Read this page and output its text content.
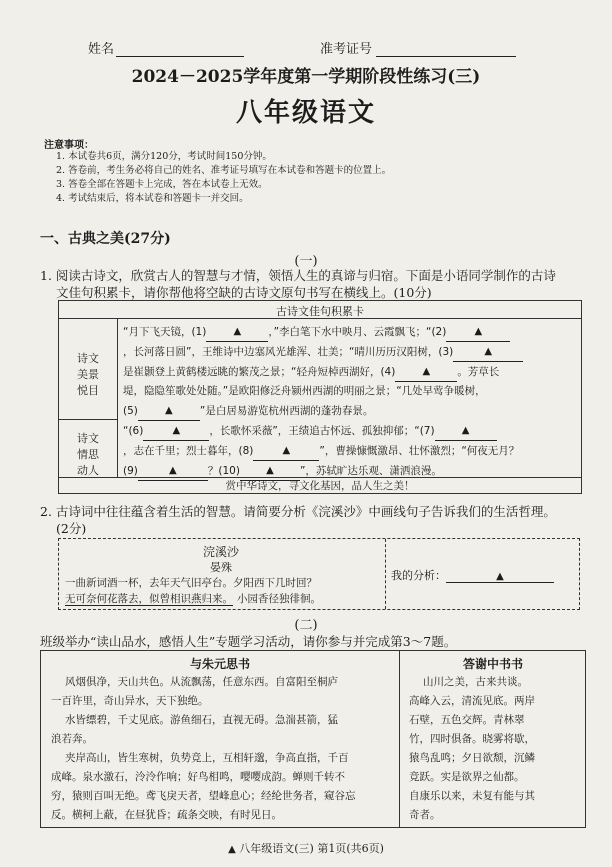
姓名	准考证号
2024－2025学年度第一学期阶段性练习(三)
八年级语文
注意事项：
1. 本试卷共6页，满分120分，考试时间150分钟。
2. 答卷前，考生务必将自己的姓名、准考证号填写在本试卷和答题卡的位置上。
3. 答卷全部在答题卡上完成，答在本试卷上无效。
4. 考试结束后，将本试卷和答题卡一并交回。
一、古典之美(27分)
(一)
1. 阅读古诗文，欣赏古人的智慧与才情，领悟人生的真谛与归宿。下面是小语同学制作的古诗
文佳句积累卡，请你帮他将空缺的古诗文原句书写在横线上。(10分)
古诗文佳句积累卡
诗文美景悦目
“月下飞天镜，(1)	▲	，”李白笔下水中映月、云霞飘飞；“(2)	▲
，长河落日圆”，王维诗中边塞风光雄浑、壮美；“晴川历历汉阳树，(3)	▲
是崔颢登上黄鹤楼远眺的繁茂之景；“轻舟短棹西湖好，(4)	▲	。芳草长
堤，隐隐笙歌处处随。”是欧阳修泛舟颍州西湖的明丽之景；“几处早莺争暖树，
(5)	▲	”是白居易游览杭州西湖的蓬勃春景。
诗文情思动人
“(6)	▲	，长歌怀采薇”，王绩追古怀远、孤独抑郁；“(7)	▲
，志在千里；烈士暮年，(8)	▲	”，曹操慷慨激昂、壮怀激烈；“何夜无月？
(9)	▲	？(10)	▲ ”，苏轼旷达乐观、潇洒浪漫。
赏中华诗文，寻文化基因，品人生之美！
2. 古诗词中往往蕴含着生活的智慧。请简要分析《浣溪沙》中画线句子告诉我们的生活哲理。
(2分)
浣溪沙
晏殊
一曲新词酒一杯，去年天气旧亭台。夕阳西下几时回？
无可奈何花落去，似曾相识燕归来。 小园香径独徘徊。
我的分析：	▲
(二)
班级举办“读山品水，感悟人生”专题学习活动，请你参与并完成第3～7题。
与朱元思书
风烟俱净，天山共色。从流飘荡，任意东西。自富阳至桐庐
一百许里，奇山异水，天下独绝。
水皆缥碧，千丈见底。游鱼细石，直视无碍。急湍甚箭，猛
浪若奔。
夹岸高山，皆生寒树，负势竞上，互相轩邈，争高直指，千百
成峰。泉水激石，泠泠作响；好鸟相鸣，嘤嘤成韵。蝉则千转不
穷，猿则百叫无绝。鸢飞戾天者，望峰息心；经纶世务者，窥谷忘
反。横柯上蔽，在昼犹昏；疏条交映，有时见日。
答谢中书书
山川之美，古来共谈。
高峰入云，清流见底。两岸
石壁，五色交辉。青林翠
竹，四时俱备。晓雾将歇，
猿鸟乱鸣；夕日欲颓，沉鳞
竞跃。实是欲界之仙都。
自康乐以来，未复有能与其
奇者。
▲ 八年级语文(三) 第1页(共6页)
